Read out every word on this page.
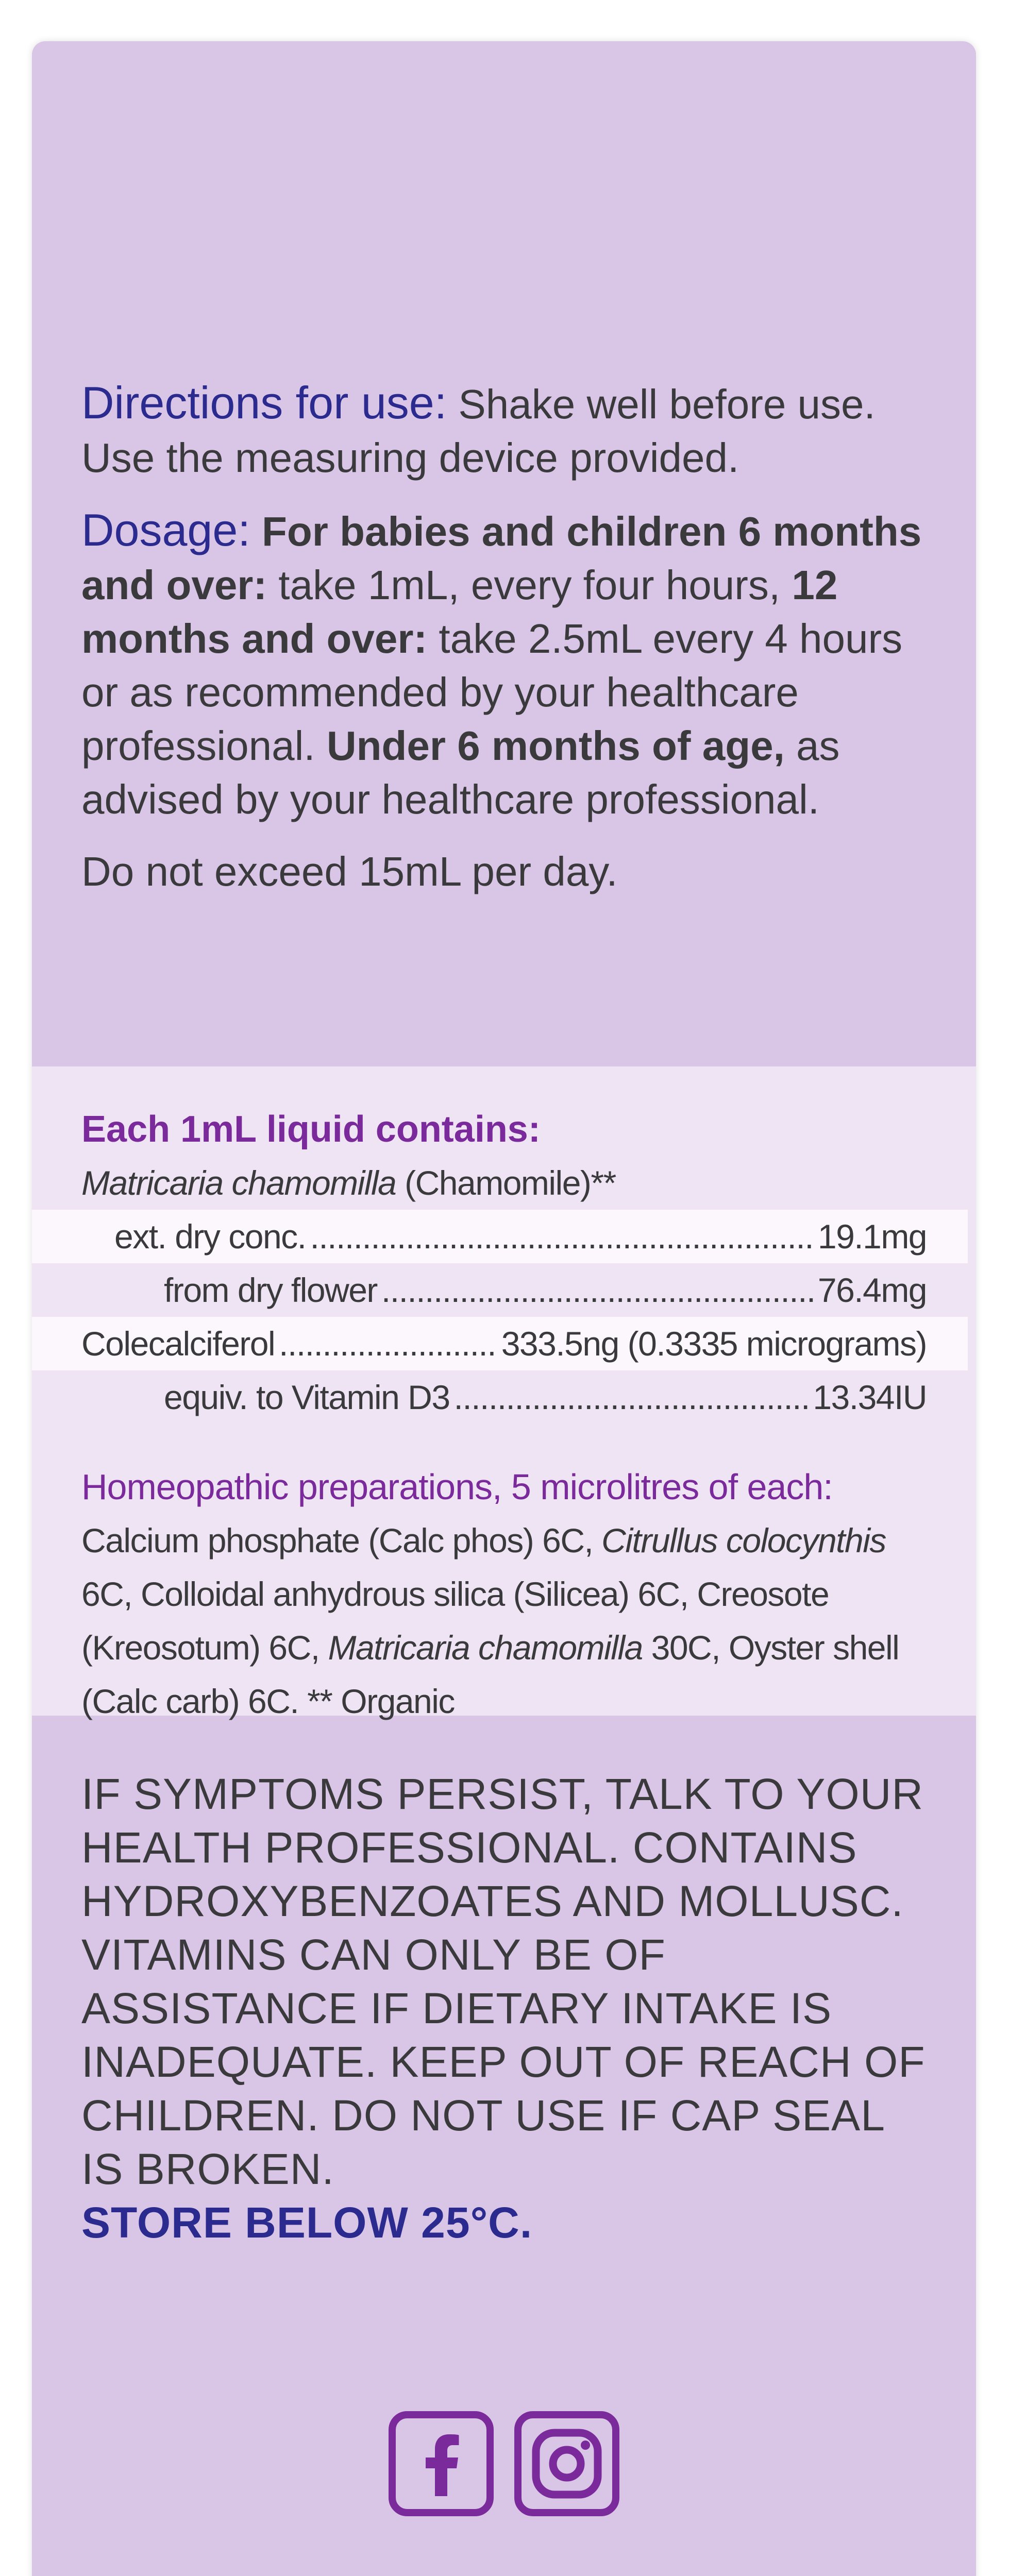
Directions for use: Shake well before use. Use the measuring device provided.

Dosage: For babies and children 6 months and over: take 1mL, every four hours, 12 months and over: take 2.5mL every 4 hours or as recommended by your healthcare professional. Under 6 months of age, as advised by your healthcare professional.

Do not exceed 15mL per day.

Each 1mL liquid contains:
Matricaria chamomilla (Chamomile)**
ext. dry conc. .....	19.1mg
from dry flower .....	76.4mg
Colecalciferol .....	333.5ng (0.3335 micrograms)
equiv. to Vitamin D3 .....	13.34IU
Homeopathic preparations, 5 microlitres of each:
Calcium phosphate (Calc phos) 6C, Citrullus colocynthis 6C, Colloidal anhydrous silica (Silicea) 6C, Creosote (Kreosotum) 6C, Matricaria chamomilla 30C, Oyster shell (Calc carb) 6C. ** Organic
IF SYMPTOMS PERSIST, TALK TO YOUR HEALTH PROFESSIONAL. CONTAINS HYDROXYBENZOATES AND MOLLUSC. VITAMINS CAN ONLY BE OF ASSISTANCE IF DIETARY INTAKE IS INADEQUATE. KEEP OUT OF REACH OF CHILDREN. DO NOT USE IF CAP SEAL IS BROKEN.
STORE BELOW 25°C.
